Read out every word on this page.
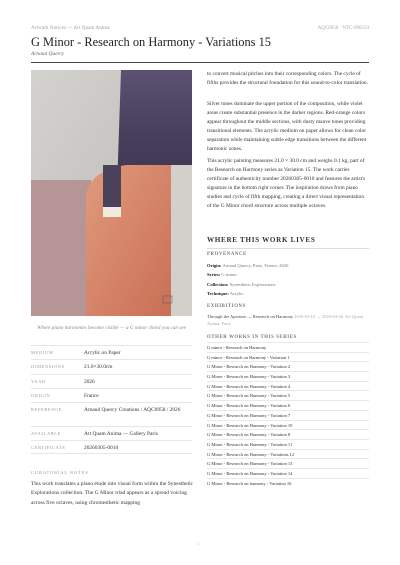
Artwork Notices — Art Quam Anima	AQC0958 · NTC-090534
G Minor - Research on Harmony - Variations 15
Arnaud Quercy
Where piano harmonies become visible — a G minor chord you can see
MEDIUM	Acrylic on Paper
DIMENSIONS	21.0×30.0cm
YEAR	2026
ORIGIN	France
REFERENCE	Arnaud Quercy Creations / AQC0958 / 2026
AVAILABLE	Art Quam Anima — Gallery Paris
CERTIFICATE	20260305-0010
CURATORIAL NOTES

This work translates a piano étude into visual form within the Synesthetic Explorations collection. The G Minor triad appears as a spread voicing across five octaves, using chromesthetic mapping

to convert musical pitches into their corresponding colors. The cycle of fifths provides the structural foundation for this sound-to-color translation.

Silver tones dominate the upper portion of the composition, while violet areas create substantial presence in the darker regions. Red-orange colors appear throughout the middle sections, with dusty mauve tones providing transitional elements. The acrylic medium on paper allows for clean color separation while maintaining subtle edge transitions between the different harmonic zones.

This acrylic painting measures 21.0 × 30.0 cm and weighs 0.1 kg, part of the Research on Harmony series as Variation 15. The work carries certificate of authenticity number 20260305-0010 and features the artist's signature in the bottom right corner. The inspiration draws from piano studies and cycle of fifth mapping, creating a direct visual representation of the G Minor chord structure across multiple octaves.

WHERE THIS WORK LIVES
PROVENANCE
Origin: Arnaud Quercy, Paris, France, 2026
Series: G minor
Collection: Synesthetic Explorations
Technique: Acrylic
EXHIBITIONS
Through the Aperture — Research on Harmony 2026-02-10 → 2026-04-30, Art Quam Anima, Paris
OTHER WORKS IN THIS SERIES
G minor - Research on Harmony
G minor - Research on Harmony - Variation 1
G Minor - Research on Harmony - Variation 2
G Minor - Research on Harmony - Variation 3
G Minor - Research on Harmony - Variation 4
G Minor - Research on Harmony - Variation 5
G Minor - Research on Harmony - Variation 6
G Minor - Research on Harmony - Variation 7
G Minor - Research on Harmony - Variation 10
G Minor - Research on Harmony - Variation 8
G Minor - Research on Harmony - Variation 11
G Minor - Research on Harmony - Variations 12
G Minor - Research on Harmony - Variation 13
G Minor - Research on Harmony - Variation 14
G Minor - Research on harmony - Variation 16
1
